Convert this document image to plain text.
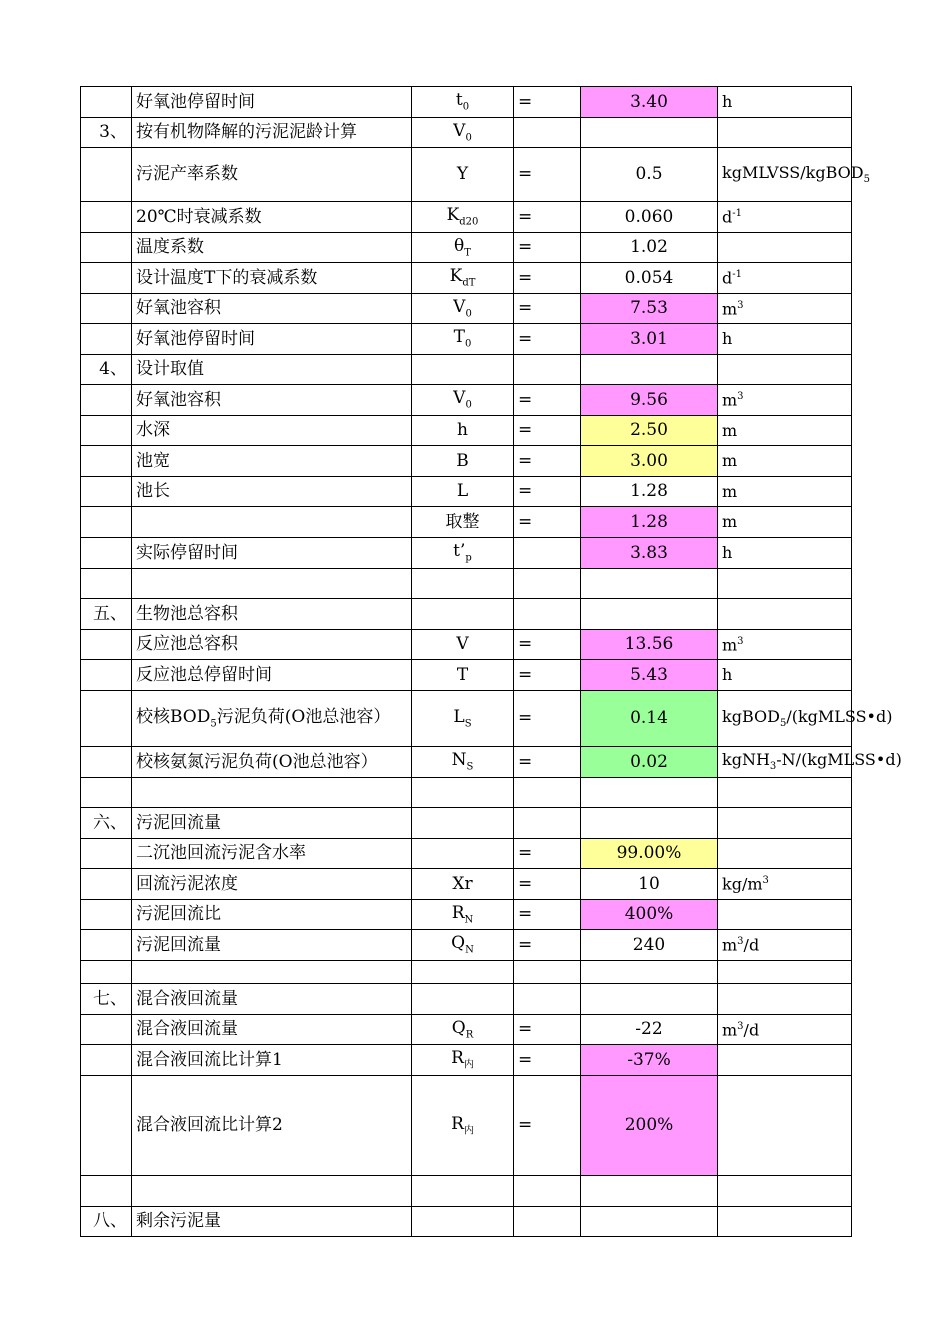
	好氧池停留时间	$t_0$	=	3.40	h
3、	按有机物降解的污泥泥龄计算	$V_0$			
	污泥产率系数	Y	=	0.5	kgMLVSS/kgBOD$_5$
	20℃时衰减系数	$K_{d20}$	=	0.060	$d^{-1}$
	温度系数	$\theta_T$	=	1.02	
	设计温度T下的衰减系数	$K_{dT}$	=	0.054	$d^{-1}$
	好氧池容积	$V_0$	=	7.53	$m^3$
	好氧池停留时间	$T_0$	=	3.01	h
4、	设计取值				
	好氧池容积	$V_0$	=	9.56	$m^3$
	水深	h	=	2.50	m
	池宽	B	=	3.00	m
	池长	L	=	1.28	m
		取整	=	1.28	m
	实际停留时间	$t’_p$		3.83	h

五、	生物池总容积				
	反应池总容积	V	=	13.56	$m^3$
	反应池总停留时间	T	=	5.43	h
	校核$BOD_5$污泥负荷(O池总池容）	$L_S$	=	0.14	kgBOD$_5$/(kgMLSS•d)
	校核氨氮污泥负荷(O池总池容）	$N_S$	=	0.02	kgNH$_3$-N/(kgMLSS•d)

六、	污泥回流量				
	二沉池回流污泥含水率		=	99.00%	
	回流污泥浓度	Xr	=	10	$kg/m^3$
	污泥回流比	$R_N$	=	400%	
	污泥回流量	$Q_N$	=	240	$m^3/d$

七、	混合液回流量				
	混合液回流量	$Q_R$	=	-22	$m^3/d$
	混合液回流比计算1	$R_内$	=	-37%	
	混合液回流比计算2	$R_内$	=	200%	

八、	剩余污泥量				
